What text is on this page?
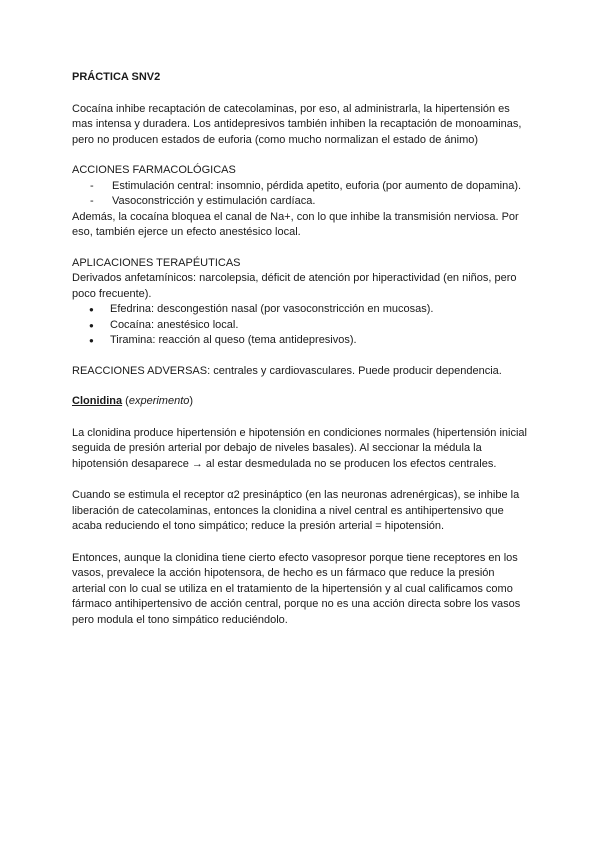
PRÁCTICA SNV2

Cocaína inhibe recaptación de catecolaminas, por eso, al administrarla, la hipertensión es mas intensa y duradera. Los antidepresivos también inhiben la recaptación de monoaminas, pero no producen estados de euforia (como mucho normalizan el estado de ánimo)

ACCIONES FARMACOLÓGICAS

- Estimulación central: insomnio, pérdida apetito, euforia (por aumento de dopamina).
- Vasoconstricción y estimulación cardíaca.

Además, la cocaína bloquea el canal de Na+, con lo que inhibe la transmisión nerviosa. Por eso, también ejerce un efecto anestésico local.

APLICACIONES TERAPÉUTICAS

Derivados anfetamínicos: narcolepsia, déficit de atención por hiperactividad (en niños, pero poco frecuente).

● Efedrina: descongestión nasal (por vasoconstricción en mucosas).
● Cocaína: anestésico local.
● Tiramina: reacción al queso (tema antidepresivos).

REACCIONES ADVERSAS: centrales y cardiovasculares. Puede producir dependencia.

Clonidina (experimento)

La clonidina produce hipertensión e hipotensión en condiciones normales (hipertensión inicial seguida de presión arterial por debajo de niveles basales). Al seccionar la médula la hipotensión desaparece → al estar desmedulada no se producen los efectos centrales.

Cuando se estimula el receptor α2 presináptico (en las neuronas adrenérgicas), se inhibe la liberación de catecolaminas, entonces la clonidina a nivel central es antihipertensivo que acaba reduciendo el tono simpático; reduce la presión arterial = hipotensión.

Entonces, aunque la clonidina tiene cierto efecto vasopresor porque tiene receptores en los vasos, prevalece la acción hipotensora, de hecho es un fármaco que reduce la presión arterial con lo cual se utiliza en el tratamiento de la hipertensión y al cual calificamos como fármaco antihipertensivo de acción central, porque no es una acción directa sobre los vasos pero modula el tono simpático reduciéndolo.
